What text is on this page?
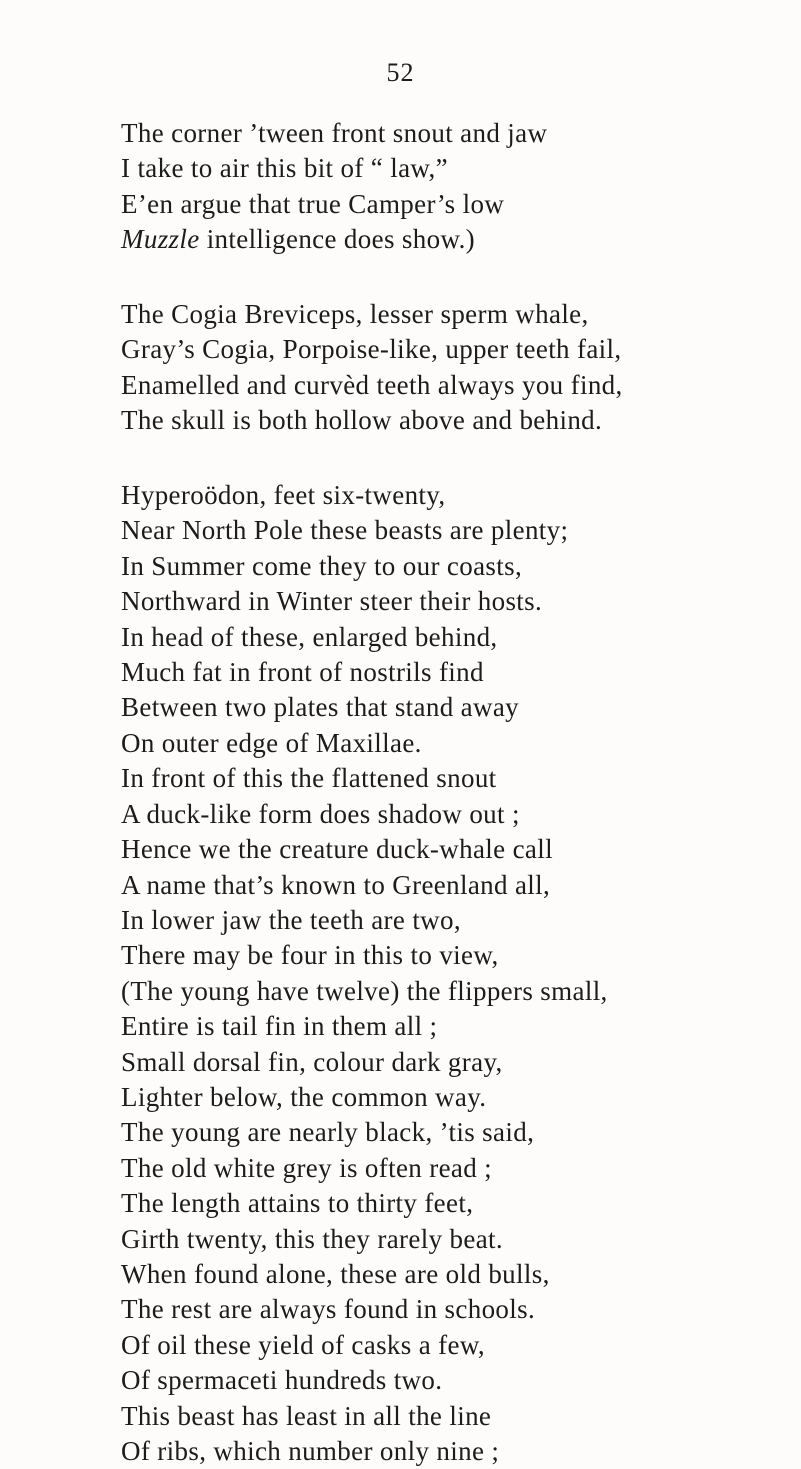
52
The corner ’tween front snout and jaw
I take to air this bit of “ law,”
E’en argue that true Camper’s low
Muzzle intelligence does show.)
The Cogia Breviceps, lesser sperm whale,
Gray’s Cogia, Porpoise-like, upper teeth fail,
Enamelled and curvèd teeth always you find,
The skull is both hollow above and behind.
Hyperoödon, feet six-twenty,
Near North Pole these beasts are plenty;
In Summer come they to our coasts,
Northward in Winter steer their hosts.
In head of these, enlarged behind,
Much fat in front of nostrils find
Between two plates that stand away
On outer edge of Maxillae.
In front of this the flattened snout
A duck-like form does shadow out ;
Hence we the creature duck-whale call
A name that’s known to Greenland all,
In lower jaw the teeth are two,
There may be four in this to view,
(The young have twelve) the flippers small,
Entire is tail fin in them all ;
Small dorsal fin, colour dark gray,
Lighter below, the common way.
The young are nearly black, ’tis said,
The old white grey is often read ;
The length attains to thirty feet,
Girth twenty, this they rarely beat.
When found alone, these are old bulls,
The rest are always found in schools.
Of oil these yield of casks a few,
Of spermaceti hundreds two.
This beast has least in all the line
Of ribs, which number only nine ;
